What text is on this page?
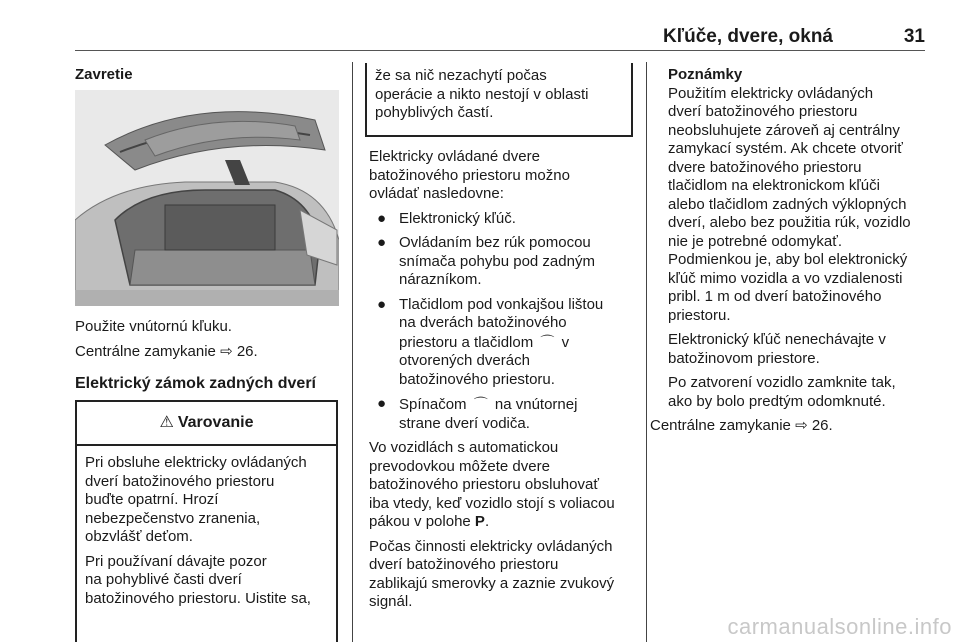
Kľúče, dvere, okná	31

Zavretie

Použite vnútornú kľuku.

Centrálne zamykanie ⇨ 26.

Elektrický zámok zadných dverí

⚠ Varovanie

Pri obsluhe elektricky ovládaných
dverí batožinového priestoru
buďte opatrní. Hrozí
nebezpečenstvo zranenia,
obzvlášť deťom.

Pri používaní dávajte pozor
na pohyblivé časti dverí
batožinového priestoru. Uistite sa,

že sa nič nezachytí počas
operácie a nikto nestojí v oblasti
pohyblivých častí.

Elektricky ovládané dvere
batožinového priestoru možno
ovládať nasledovne:

● Elektronický kľúč.
● Ovládaním bez rúk pomocou
snímača pohybu pod zadným
nárazníkom.
● Tlačidlom pod vonkajšou lištou
na dverách batožinového
priestoru a tlačidlom ⌒ v
otvorených dverách
batožinového priestoru.
● Spínačom ⌒ na vnútornej
strane dverí vodiča.

Vo vozidlách s automatickou
prevodovkou môžete dvere
batožinového priestoru obsluhovať
iba vtedy, keď vozidlo stojí s voliacou
pákou v polohe P.

Počas činnosti elektricky ovládaných
dverí batožinového priestoru
zablikajú smerovky a zaznie zvukový
signál.

Poznámky

Použitím elektricky ovládaných
dverí batožinového priestoru
neobsluhujete zároveň aj centrálny
zamykací systém. Ak chcete otvoriť
dvere batožinového priestoru
tlačidlom na elektronickom kľúči
alebo tlačidlom zadných výklopných
dverí, alebo bez použitia rúk, vozidlo
nie je potrebné odomykať.
Podmienkou je, aby bol elektronický
kľúč mimo vozidla a vo vzdialenosti
pribl. 1 m od dverí batožinového
priestoru.

Elektronický kľúč nenechávajte v
batožinovom priestore.

Po zatvorení vozidlo zamknite tak,
ako by bolo predtým odomknuté.

Centrálne zamykanie ⇨ 26.

carmanualsonline.info
